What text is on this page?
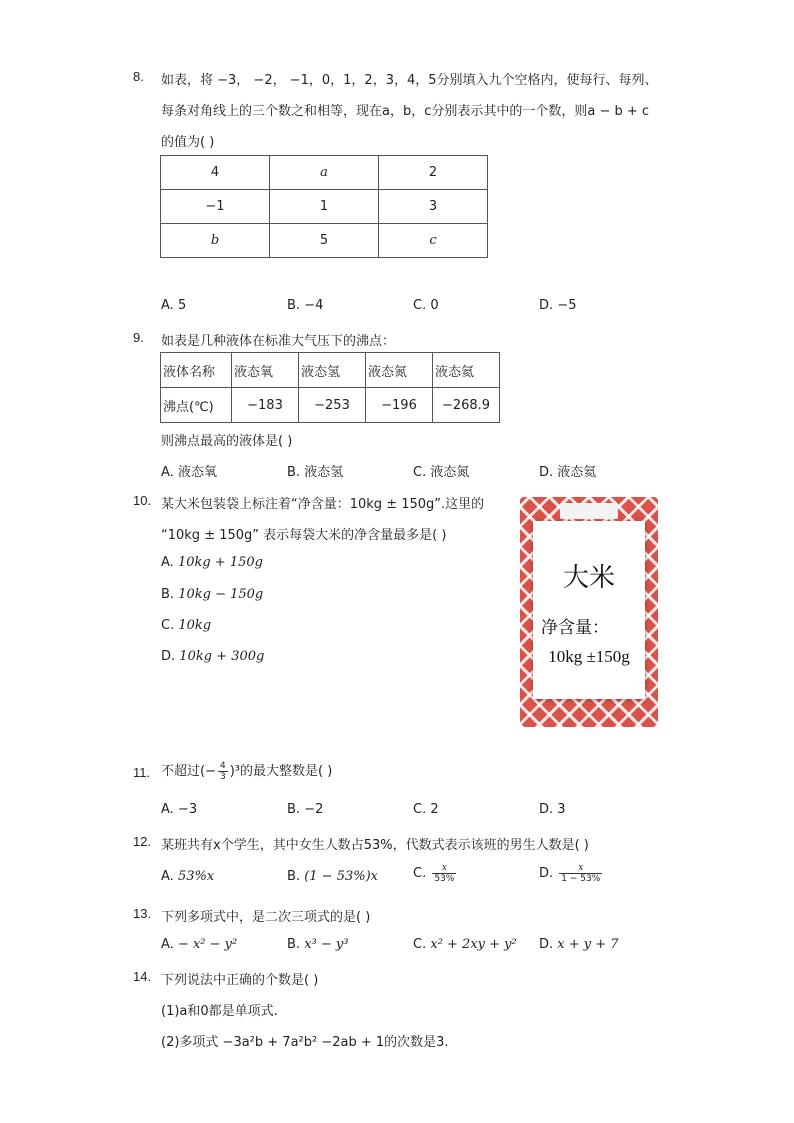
8. 如表，将 −3， −2， −1，0，1，2，3，4，5分别填入九个空格内，使每行、每列、
每条对角线上的三个数之和相等，现在a，b，c分别表示其中的一个数，则a − b + c
的值为( )
4	a	2
−1	1	3
b	5	c
A. 5	B. −4	C. 0	D. −5
9. 如表是几种液体在标准大气压下的沸点：
液体名称	液态氧	液态氢	液态氮	液态氦
沸点(℃)	−183	−253	−196	−268.9
则沸点最高的液体是( )
A. 液态氧	B. 液态氢	C. 液态氮	D. 液态氦
10. 某大米包装袋上标注着“净含量：10kg ± 150g”.这里的
“10kg ± 150g” 表示每袋大米的净含量最多是( )
A. 10kg + 150g
B. 10kg − 150g
C. 10kg
D. 10kg + 300g
大米
净含量：
10kg ±150g
11. 不超过(− $\frac{4}{3} )^3$的最大整数是( )
A. −3	B. −2	C. 2	D. 3
12. 某班共有x个学生，其中女生人数占53%，代数式表示该班的男生人数是( )
A. 53%x	B. (1 − 53%)x	C. $\frac{x}{53\%}$	D. $\frac{x}{1 - 53\%}$
13. 下列多项式中，是二次三项式的是( )
A. − x² − y²	B. x³ − y³	C. x² + 2xy + y² D. x + y + 7
14. 下列说法中正确的个数是( )
(1)a和0都是单项式.
(2)多项式 −3a²b + 7a²b² −2ab + 1的次数是3.
